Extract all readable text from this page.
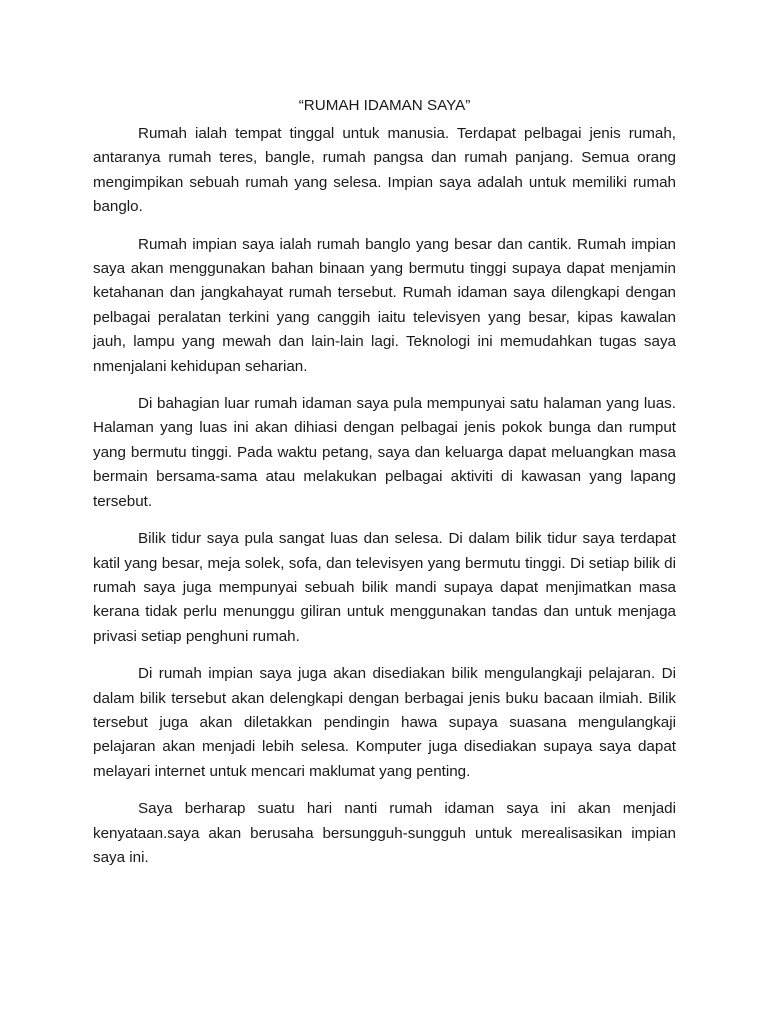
“RUMAH IDAMAN SAYA”

Rumah ialah tempat tinggal untuk manusia. Terdapat pelbagai jenis rumah, antaranya rumah teres, bangle, rumah pangsa dan rumah panjang. Semua orang mengimpikan sebuah rumah yang selesa. Impian saya adalah untuk memiliki rumah banglo.

Rumah impian saya ialah rumah banglo yang besar dan cantik. Rumah impian saya akan menggunakan bahan binaan yang bermutu tinggi supaya dapat menjamin ketahanan dan jangkahayat rumah tersebut. Rumah idaman saya dilengkapi dengan pelbagai peralatan terkini yang canggih iaitu televisyen yang besar, kipas kawalan jauh, lampu yang mewah dan lain-lain lagi. Teknologi ini memudahkan tugas saya nmenjalani kehidupan seharian.

Di bahagian luar rumah idaman saya pula mempunyai satu halaman yang luas. Halaman yang luas ini akan dihiasi dengan pelbagai jenis pokok bunga dan rumput yang bermutu tinggi. Pada waktu petang, saya dan keluarga dapat meluangkan masa bermain bersama-sama atau melakukan pelbagai aktiviti di kawasan yang lapang tersebut.

Bilik tidur saya pula sangat luas dan selesa. Di dalam bilik tidur saya terdapat katil yang besar, meja solek, sofa, dan televisyen yang bermutu tinggi. Di setiap bilik di rumah saya juga mempunyai sebuah bilik mandi supaya dapat menjimatkan masa kerana tidak perlu menunggu giliran untuk menggunakan tandas dan untuk menjaga privasi setiap penghuni rumah.

Di rumah impian saya juga akan disediakan bilik mengulangkaji pelajaran. Di dalam bilik tersebut akan delengkapi dengan berbagai jenis buku bacaan ilmiah. Bilik tersebut juga akan diletakkan pendingin hawa supaya suasana mengulangkaji pelajaran akan menjadi lebih selesa. Komputer juga disediakan supaya saya dapat melayari internet untuk mencari maklumat yang penting.

Saya berharap suatu hari nanti rumah idaman saya ini akan menjadi kenyataan.saya akan berusaha bersungguh-sungguh untuk merealisasikan impian saya ini.
